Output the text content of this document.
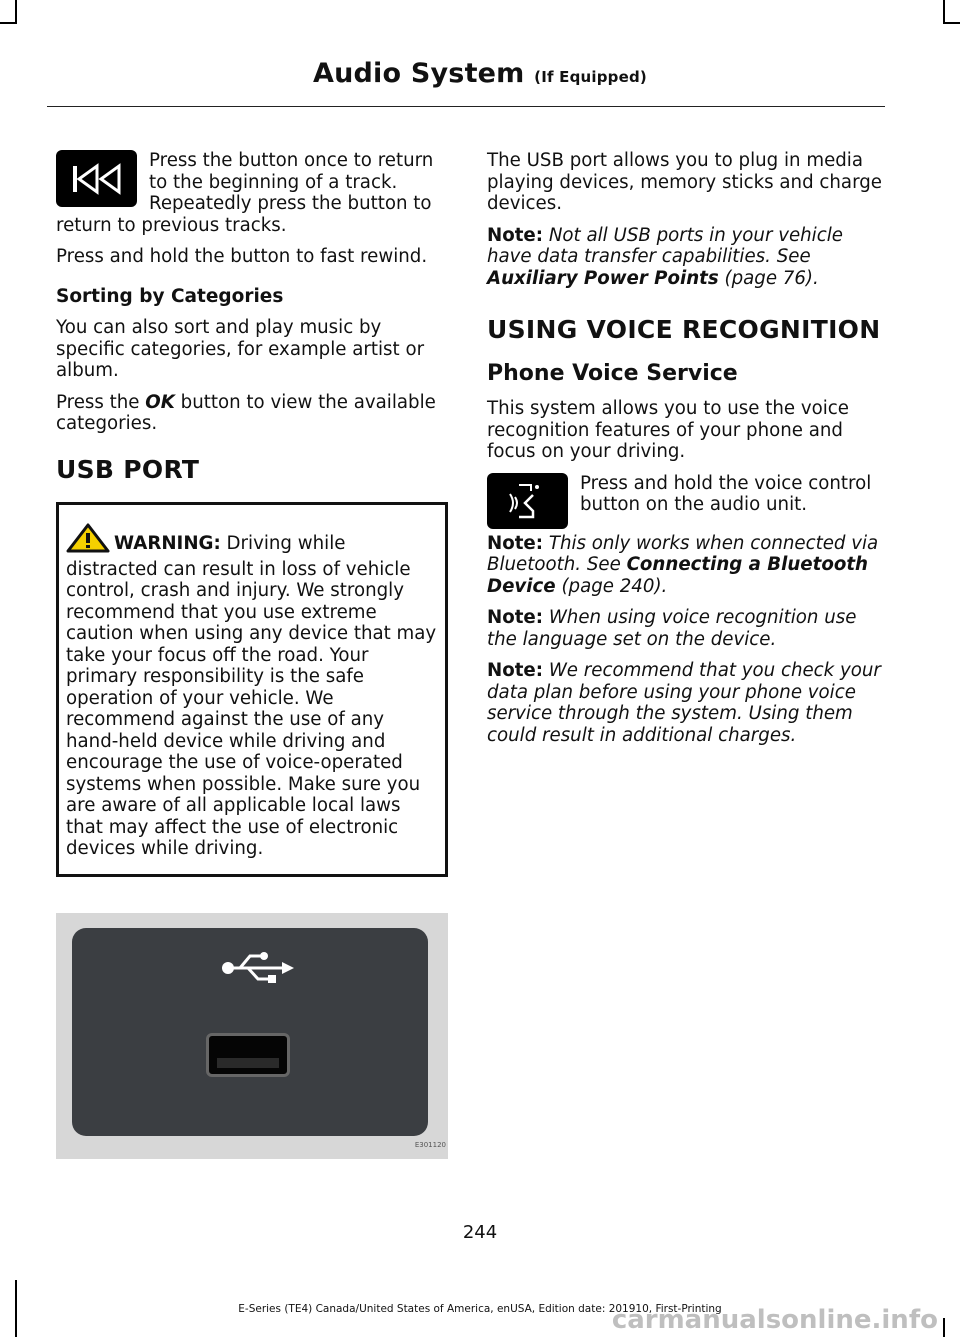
Audio System (If Equipped)

Press the button once to return to the beginning of a track. Repeatedly press the button to return to previous tracks.

Press and hold the button to fast rewind.

Sorting by Categories

You can also sort and play music by specific categories, for example artist or album.

Press the OK button to view the available categories.

USB PORT
WARNING: Driving while distracted can result in loss of vehicle control, crash and injury. We strongly recommend that you use extreme caution when using any device that may take your focus off the road. Your primary responsibility is the safe operation of your vehicle. We recommend against the use of any hand-held device while driving and encourage the use of voice-operated systems when possible. Make sure you are aware of all applicable local laws that may affect the use of electronic devices while driving.
E301120

The USB port allows you to plug in media playing devices, memory sticks and charge devices.

Note: Not all USB ports in your vehicle have data transfer capabilities. See Auxiliary Power Points (page 76).

USING VOICE RECOGNITION
Phone Voice Service

This system allows you to use the voice recognition features of your phone and focus on your driving.

Press and hold the voice control button on the audio unit.

Note: This only works when connected via Bluetooth. See Connecting a Bluetooth Device (page 240).

Note: When using voice recognition use the language set on the device.

Note: We recommend that you check your data plan before using your phone voice service through the system. Using them could result in additional charges.

244
E-Series (TE4) Canada/United States of America, enUSA, Edition date: 201910, First-Printing
carmanualsonline.info
